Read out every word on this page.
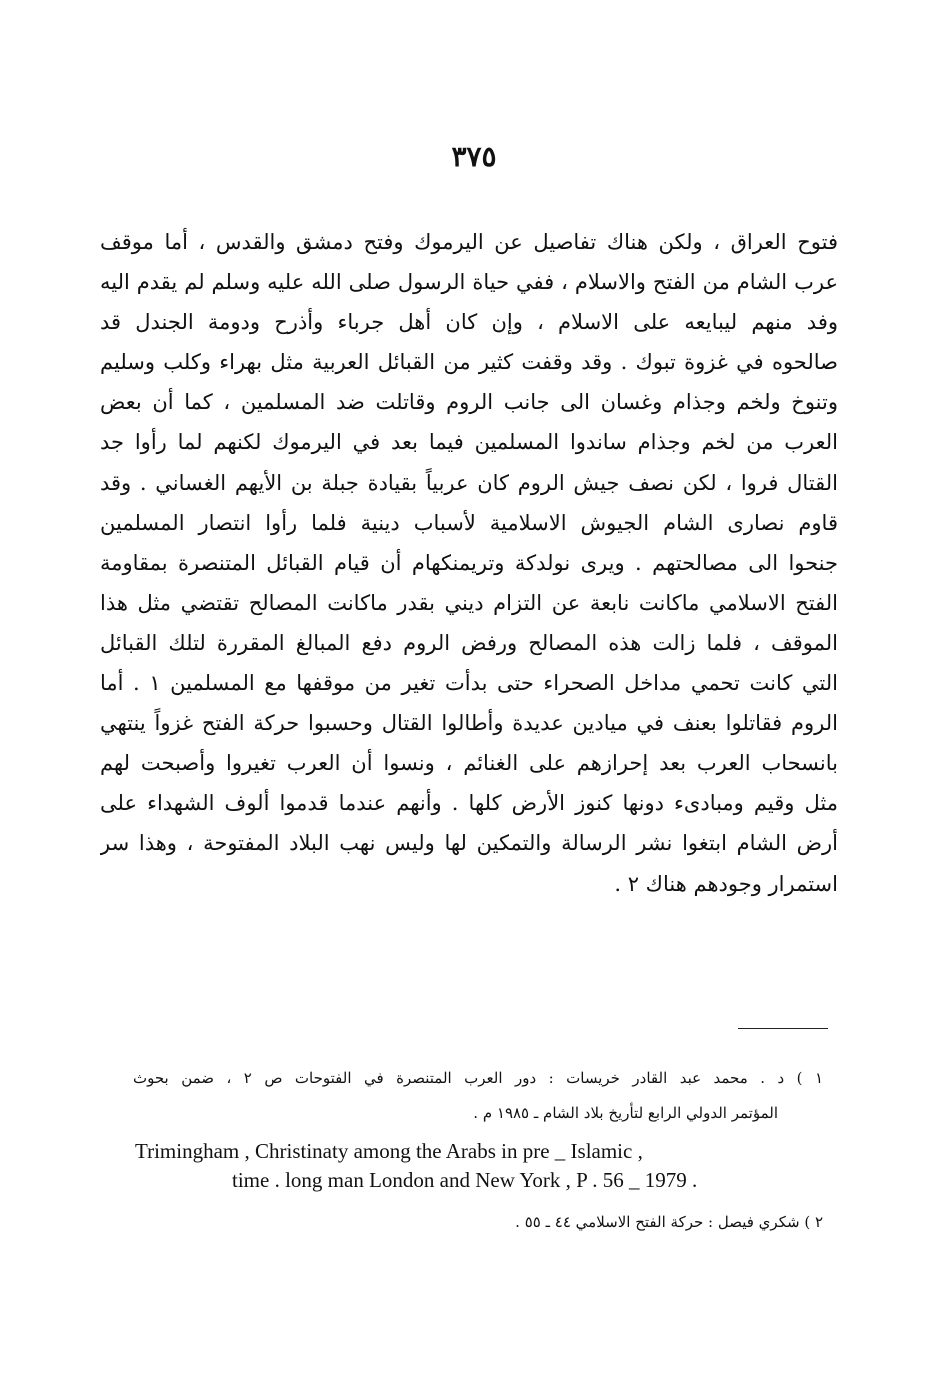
٣٧٥
فتوح العراق ، ولكن هناك تفاصيل عن اليرموك وفتح دمشق والقدس ، أما موقف
عرب الشام من الفتح والاسلام ، ففي حياة الرسول صلى الله عليه وسلم لم يقدم اليه
وفد منهم ليبايعه على الاسلام ، وإن كان أهل جرباء وأذرح ودومة الجندل قد
صالحوه في غزوة تبوك . وقد وقفت كثير من القبائل العربية مثل بهراء وكلب وسليم
وتنوخ ولخم وجذام وغسان الى جانب الروم وقاتلت ضد المسلمين ، كما أن بعض
العرب من لخم وجذام ساندوا المسلمين فيما بعد في اليرموك لكنهم لما رأوا جد
القتال فروا ، لكن نصف جيش الروم كان عربياً بقيادة جبلة بن الأيهم الغساني . وقد
قاوم نصارى الشام الجيوش الاسلامية لأسباب دينية فلما رأوا انتصار المسلمين
جنحوا الى مصالحتهم . ويرى نولدكة وتريمنكهام أن قيام القبائل المتنصرة بمقاومة
الفتح الاسلامي ماكانت نابعة عن التزام ديني بقدر ماكانت المصالح تقتضي مثل هذا
الموقف ، فلما زالت هذه المصالح ورفض الروم دفع المبالغ المقررة لتلك القبائل
التي كانت تحمي مداخل الصحراء حتى بدأت تغير من موقفها مع المسلمين ١ . أما
الروم فقاتلوا بعنف في ميادين عديدة وأطالوا القتال وحسبوا حركة الفتح غزواً ينتهي
بانسحاب العرب بعد إحرازهم على الغنائم ، ونسوا أن العرب تغيروا وأصبحت لهم
مثل وقيم ومبادىء دونها كنوز الأرض كلها . وأنهم عندما قدموا ألوف الشهداء على
أرض الشام ابتغوا نشر الرسالة والتمكين لها وليس نهب البلاد المفتوحة ، وهذا سر
استمرار وجودهم هناك ٢ .
١ ) د . محمد عبد القادر خريسات : دور العرب المتنصرة في الفتوحات ص ٢ ، ضمن بحوث
المؤتمر الدولي الرابع لتأريخ بلاد الشام ـ ١٩٨٥ م .
Trimingham , Christinaty among the Arabs in pre _ Islamic ,
time . long man London and New York , P . 56 _ 1979 .
٢ ) شكري فيصل : حركة الفتح الاسلامي ٤٤ ـ ٥٥ .
